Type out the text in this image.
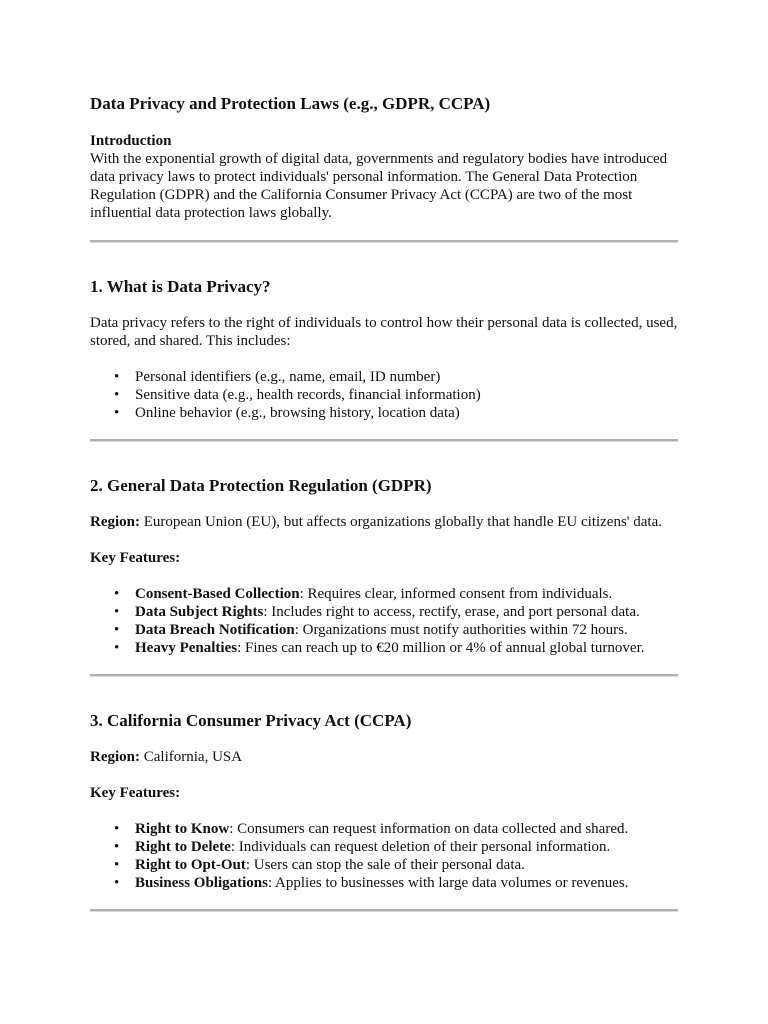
Data Privacy and Protection Laws (e.g., GDPR, CCPA)
Introduction

With the exponential growth of digital data, governments and regulatory bodies have introduced data privacy laws to protect individuals' personal information. The General Data Protection Regulation (GDPR) and the California Consumer Privacy Act (CCPA) are two of the most influential data protection laws globally.

1. What is Data Privacy?

Data privacy refers to the right of individuals to control how their personal data is collected, used, stored, and shared. This includes:

• Personal identifiers (e.g., name, email, ID number)
• Sensitive data (e.g., health records, financial information)
• Online behavior (e.g., browsing history, location data)
2. General Data Protection Regulation (GDPR)

Region: European Union (EU), but affects organizations globally that handle EU citizens' data.

Key Features:

• Consent-Based Collection: Requires clear, informed consent from individuals.
• Data Subject Rights: Includes right to access, rectify, erase, and port personal data.
• Data Breach Notification: Organizations must notify authorities within 72 hours.
• Heavy Penalties: Fines can reach up to €20 million or 4% of annual global turnover.
3. California Consumer Privacy Act (CCPA)

Region: California, USA

Key Features:

• Right to Know: Consumers can request information on data collected and shared.
• Right to Delete: Individuals can request deletion of their personal information.
• Right to Opt-Out: Users can stop the sale of their personal data.
• Business Obligations: Applies to businesses with large data volumes or revenues.
